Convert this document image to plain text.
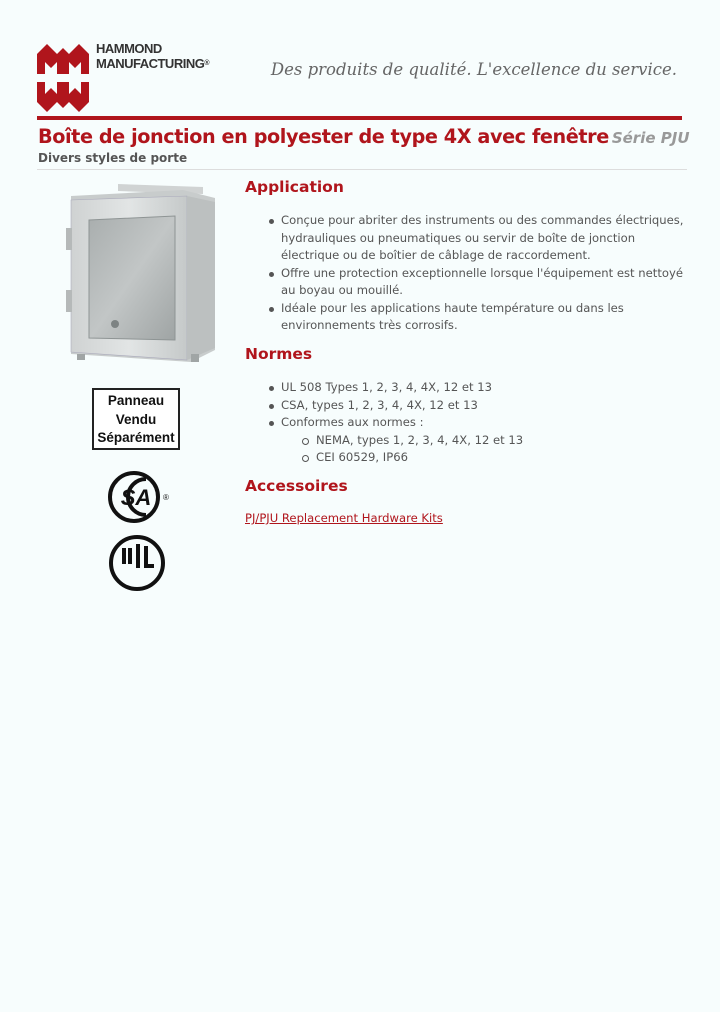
HAMMOND
MANUFACTURING®	Des produits de qualité. L'excellence du service.
Boîte de jonction en polyester de type 4X avec fenêtre Série PJU
Divers styles de porte
Panneau
Vendu
Séparément
SA ®
Application
Conçue pour abriter des instruments ou des commandes électriques, hydrauliques ou pneumatiques ou servir de boîte de jonction électrique ou de boîtier de câblage de raccordement.
Offre une protection exceptionnelle lorsque l'équipement est nettoyé au boyau ou mouillé.
Idéale pour les applications haute température ou dans les environnements très corrosifs.
Normes
UL 508 Types 1, 2, 3, 4, 4X, 12 et 13
CSA, types 1, 2, 3, 4, 4X, 12 et 13
Conformes aux normes :
NEMA, types 1, 2, 3, 4, 4X, 12 et 13
CEI 60529, IP66
Accessoires
PJ/PJU Replacement Hardware Kits
